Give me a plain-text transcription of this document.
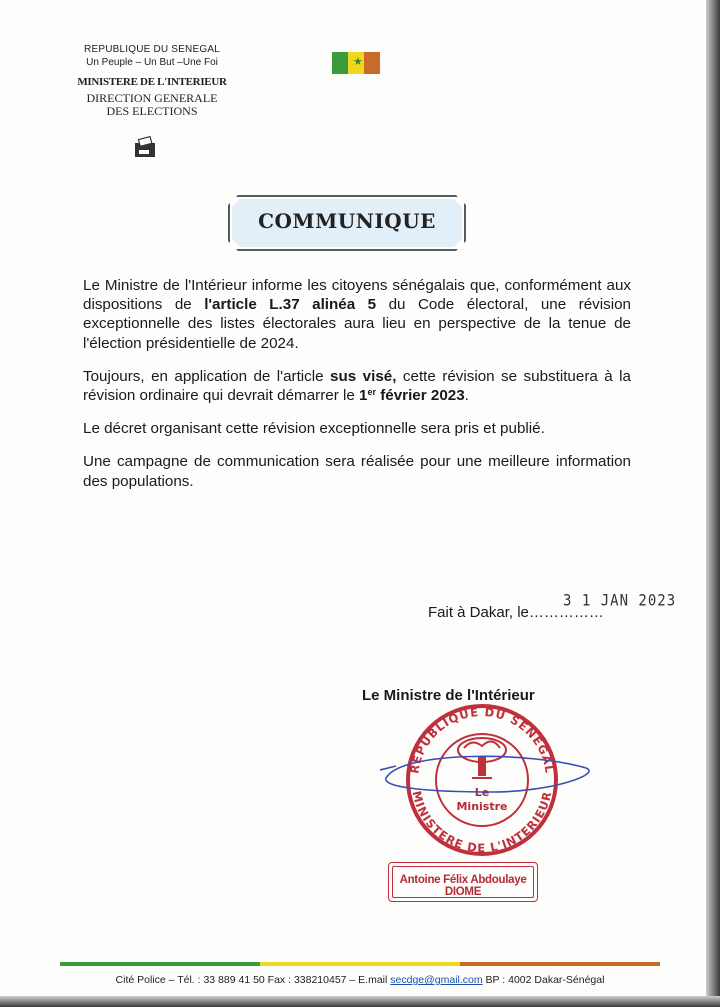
REPUBLIQUE DU SENEGAL
Un Peuple – Un But –Une Foi
MINISTERE DE L'INTERIEUR
DIRECTION GENERALE
DES ELECTIONS
★
COMMUNIQUE

Le Ministre de l'Intérieur informe les citoyens sénégalais que, conformément aux dispositions de l'article L.37 alinéa 5 du Code électoral, une révision exceptionnelle des listes électorales aura lieu en perspective de la tenue de l'élection présidentielle de 2024.

Toujours, en application de l'article sus visé, cette révision se substituera à la révision ordinaire qui devrait démarrer le 1er février 2023.

Le décret organisant cette révision exceptionnelle sera pris et publié.

Une campagne de communication sera réalisée pour une meilleure information des populations.

Fait à Dakar, le……………
3 1 JAN 2023
Le Ministre de l'Intérieur
REPUBLIQUE DU SENEGAL
MINISTERE DE L'INTERIEUR
Le
Ministre
Antoine Félix Abdoulaye DIOME
Cité Police – Tél. : 33 889 41 50 Fax : 338210457 – E.mail secdge@gmail.com BP : 4002 Dakar-Sénégal
